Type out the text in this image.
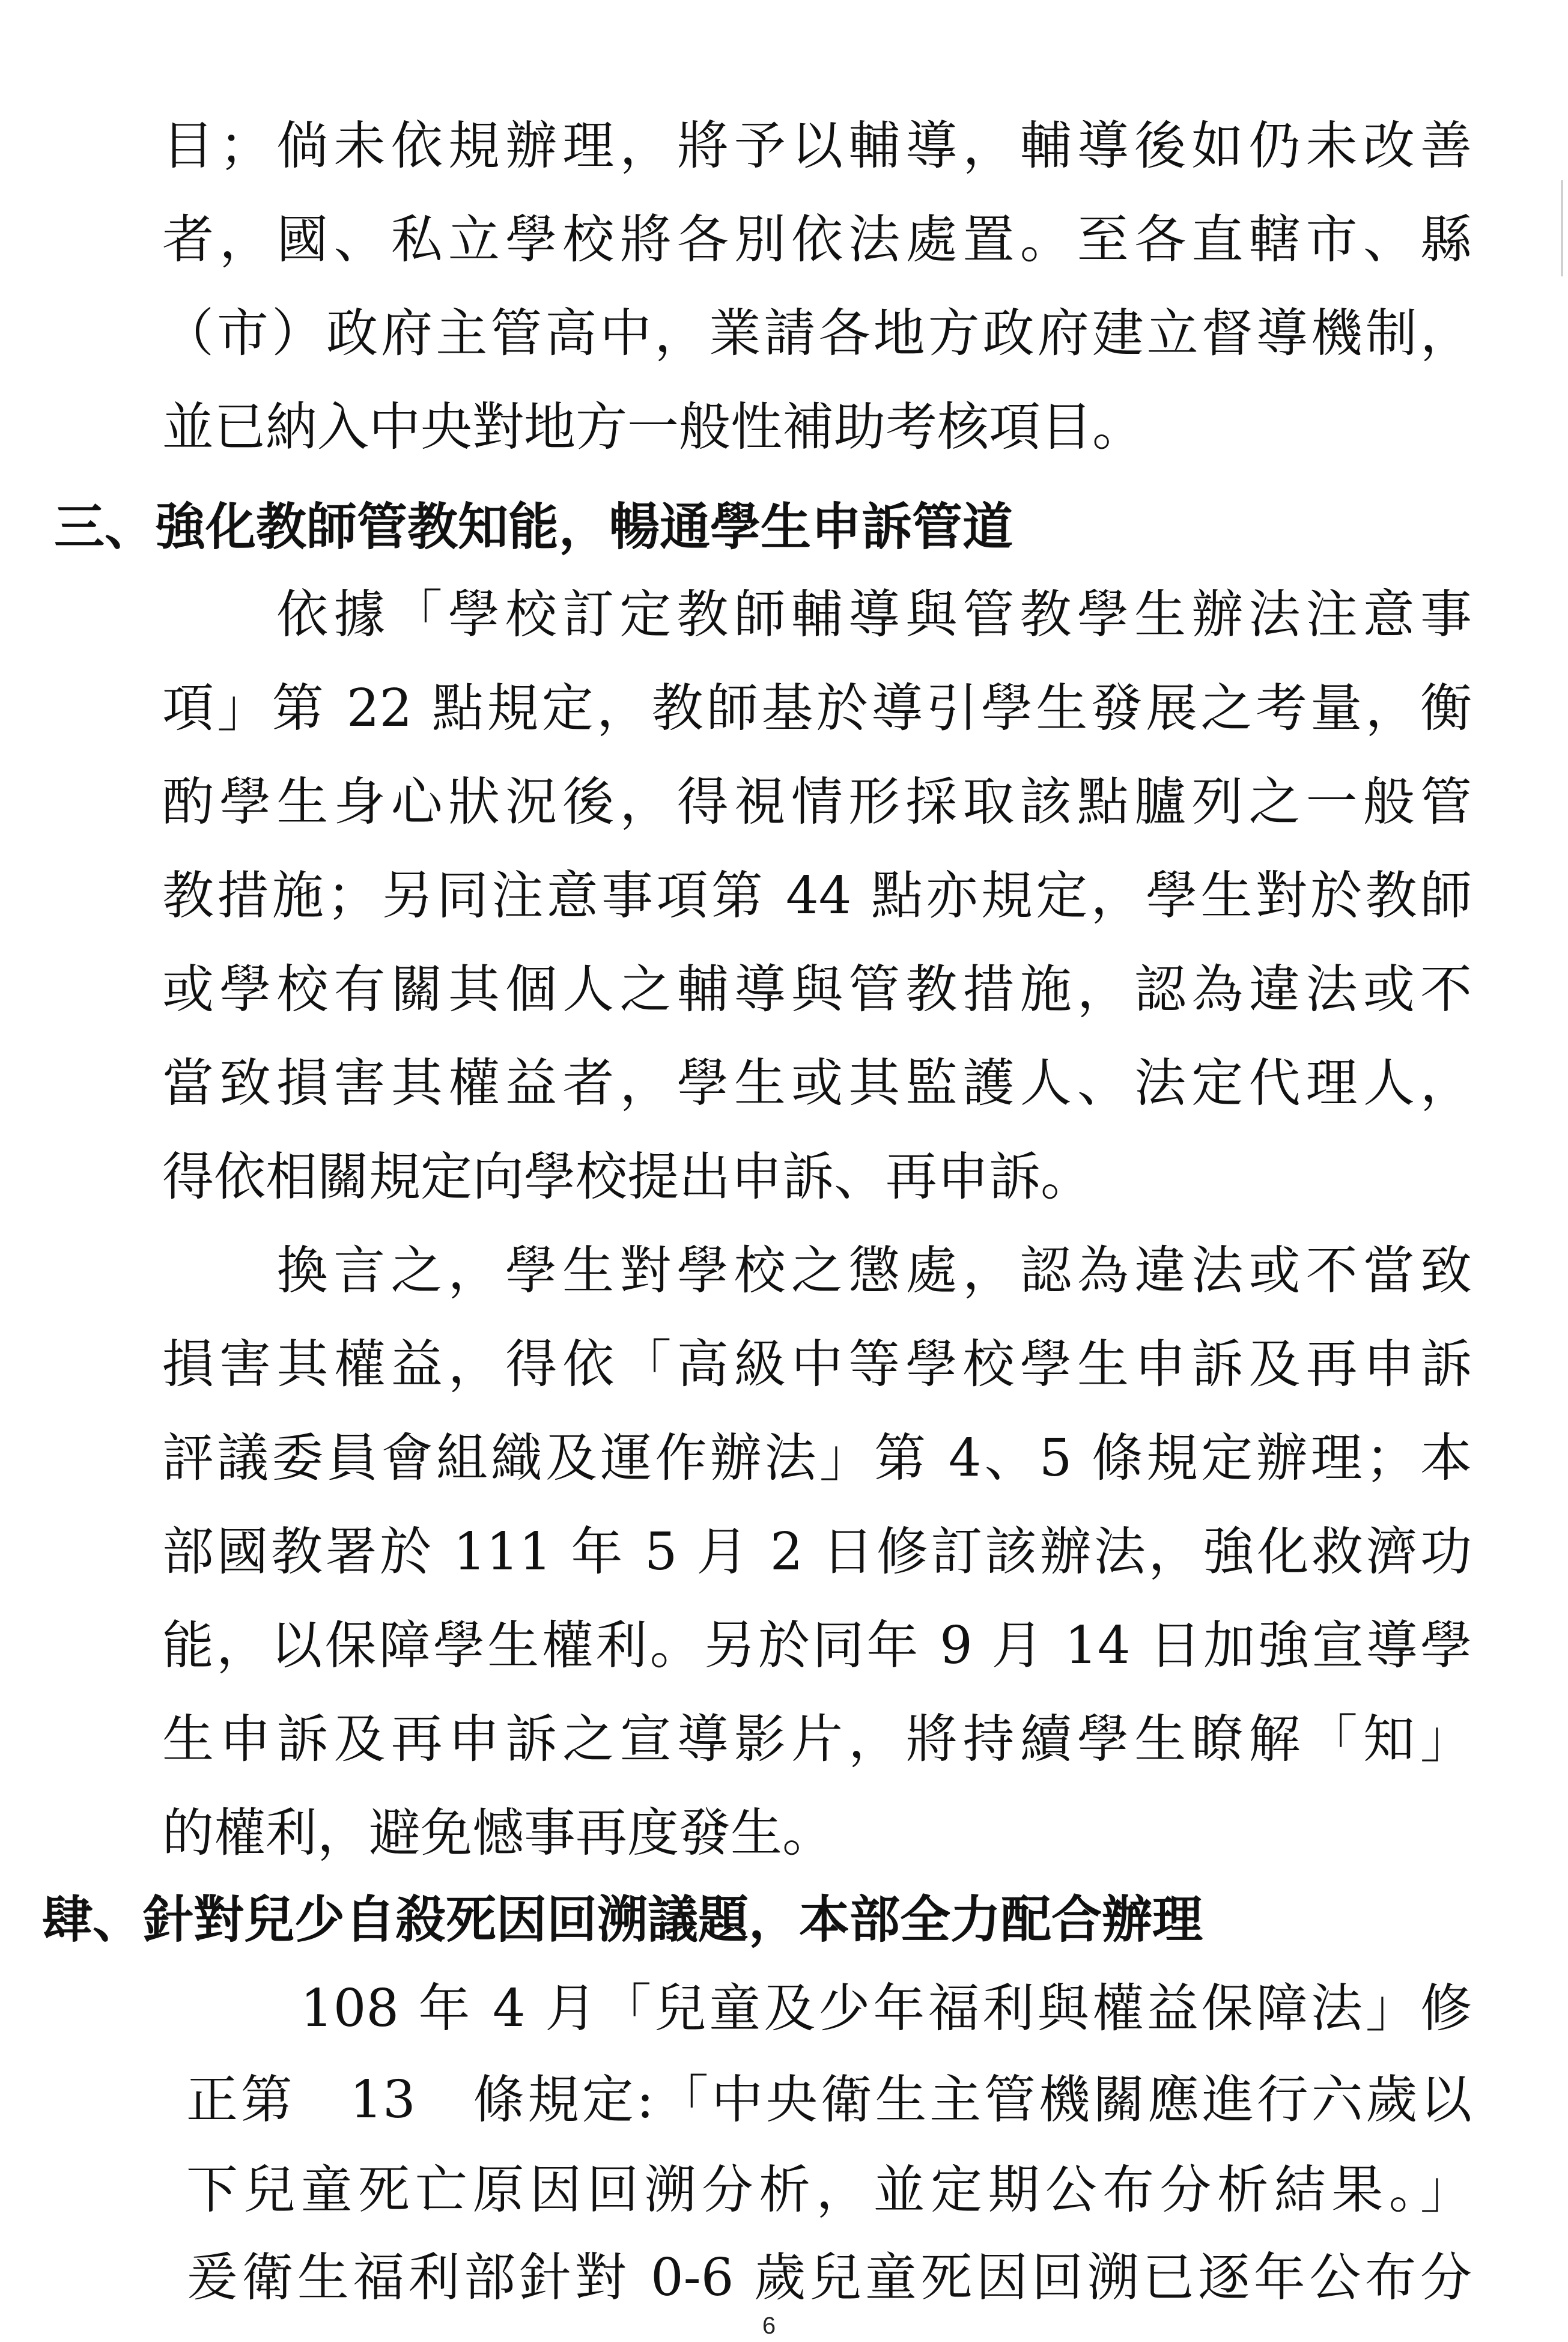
目；倘未依規辦理，將予以輔導，輔導後如仍未改善
者，國、私立學校將各別依法處置。至各直轄市、縣
（市）政府主管高中，業請各地方政府建立督導機制，
並已納入中央對地方一般性補助考核項目。
三、強化教師管教知能，暢通學生申訴管道
依據「學校訂定教師輔導與管教學生辦法注意事
項」第 22 點規定，教師基於導引學生發展之考量，衡
酌學生身心狀況後，得視情形採取該點臚列之一般管
教措施；另同注意事項第 44 點亦規定，學生對於教師
或學校有關其個人之輔導與管教措施，認為違法或不
當致損害其權益者，學生或其監護人、法定代理人，
得依相關規定向學校提出申訴、再申訴。
換言之，學生對學校之懲處，認為違法或不當致
損害其權益，得依「高級中等學校學生申訴及再申訴
評議委員會組織及運作辦法」第 4、5 條規定辦理；本
部國教署於 111 年 5 月 2 日修訂該辦法，強化救濟功
能，以保障學生權利。另於同年 9 月 14 日加強宣導學
生申訴及再申訴之宣導影片，將持續學生瞭解「知」
的權利，避免憾事再度發生。
肆、針對兒少自殺死因回溯議題，本部全力配合辦理
108 年 4 月「兒童及少年福利與權益保障法」修
正第　13　條規定:「中央衛生主管機關應進行六歲以
下兒童死亡原因回溯分析，並定期公布分析結果。」
爰衛生福利部針對 0-6 歲兒童死因回溯已逐年公布分
6
